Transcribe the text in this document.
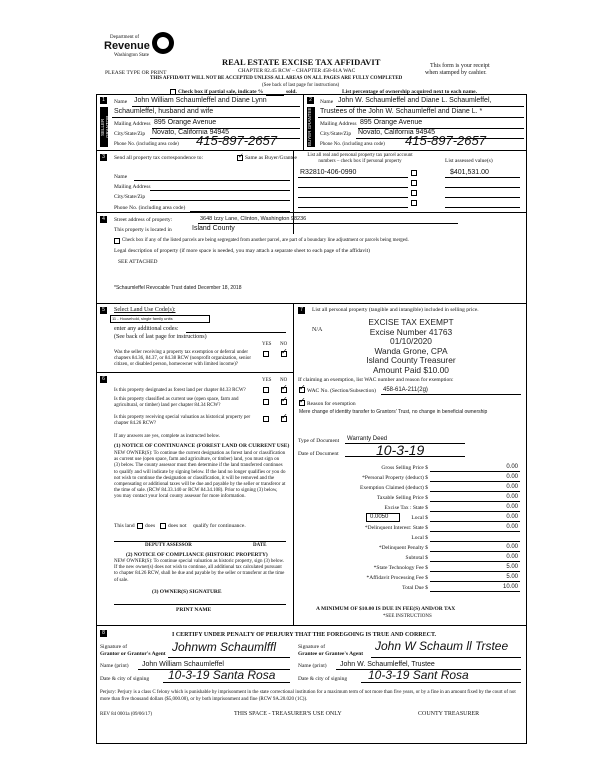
Department of
Revenue
Washington State
PLEASE TYPE OR PRINT
REAL ESTATE EXCISE TAX AFFIDAVIT
CHAPTER 82.45 RCW – CHAPTER 458-61A WAC
THIS AFFIDAVIT WILL NOT BE ACCEPTED UNLESS ALL AREAS ON ALL PAGES ARE FULLY COMPLETED
(See back of last page for instructions)
This form is your receipt
when stamped by cashier.
Check box if partial sale, indicate %	sold.	List percentage of ownership acquired next to each name.
1
SELLER GRANTOR
Name John William Schaumleffel and Diane Lynn
Schaumleffel, husband and wife
Mailing Address 895 Orange Avenue
City/State/Zip Novato, California 94945
Phone No. (including area code) 415-897-2657
2
BUYER GRANTEE
Name John W. Schaumleffel and Diane L. Schaumleffel,
Trustees of the John W. Schaumleffel and Diane L. *
Mailing Address 895 Orange Avenue
City/State/Zip Novato, California 94945
Phone No. (including area code) 415-897-2657
3	Send all property tax correspondence to:	✓ Same as Buyer/Grantee
Name
Mailing Address
City/State/Zip
Phone No. (including area code)
List all real and personal property tax parcel account numbers – check box if personal property	List assessed value(s)
R32810-406-0990	$401,531.00
4	Street address of property:	3648 Izzy Lane, Clinton, Washington 98236
This property is located in	Island County
Check box if any of the listed parcels are being segregated from another parcel, are part of a boundary line adjustment or parcels being merged.
Legal description of property (if more space is needed, you may attach a separate sheet to each page of the affidavit)
SEE ATTACHED
*Schaumleffel Revocable Trust dated December 18, 2018
5	Select Land Use Code(s):
11 - Household, single family units
enter any additional codes:
(See back of last page for instructions)
YES NO
Was the seller receiving a property tax exemption or deferral under chapters 84.36, 84.37, or 84.38 RCW (nonprofit organization, senior citizen, or disabled person, homeowner with limited income)?
✓
6	YES NO
Is this property designated as forest land per chapter 84.33 RCW?	✓
Is this property classified as current use (open space, farm and agricultural, or timber) land per chapter 84.34 RCW?
✓
Is this property receiving special valuation as historical property per chapter 84.26 RCW?
✓
If any answers are yes, complete as instructed below.
(1) NOTICE OF CONTINUANCE (FOREST LAND OR CURRENT USE)
NEW OWNER(S): To continue the current designation as forest land or classification as current use (open space, farm and agriculture, or timber) land, you must sign on (3) below. The county assessor must then determine if the land transferred continues to qualify and will indicate by signing below. If the land no longer qualifies or you do not wish to continue the designation or classification, it will be removed and the compensating or additional taxes will be due and payable by the seller or transferor at the time of sale. (RCW 84.33.140 or RCW 84.34.108). Prior to signing (3) below, you may contact your local county assessor for more information.
This land does does not qualify for continuance.
DEPUTY ASSESSOR	DATE
(2) NOTICE OF COMPLIANCE (HISTORIC PROPERTY)
NEW OWNER(S): To continue special valuation as historic property, sign (3) below. If the new owner(s) does not wish to continue, all additional tax calculated pursuant to chapter 84.26 RCW, shall be due and payable by the seller or transferor at the time of sale.
(3) OWNER(S) SIGNATURE
PRINT NAME
7	List all personal property (tangible and intangible) included in selling price.
N/A
EXCISE TAX EXEMPT
Excise Number 41763
01/10/2020
Wanda Grone, CPA
Island County Treasurer
Amount Paid $10.00
If claiming an exemption, list WAC number and reason for exemption:
✓ WAC No. (Section/Subsection) 458-61A-211(2g)
✓ Reason for exemption
Mere change of identity transfer to Grantors' Trust, no change in beneficial ownership
Type of Document Warranty Deed
Date of Document	10-3-19
Gross Selling Price $	0.00
*Personal Property (deduct) $	0.00
Exemption Claimed (deduct) $	0.00
Taxable Selling Price $	0.00
Excise Tax : State $	0.00
Local $	0.00
*Delinquent Interest: State $	0.00
Local $
*Delinquent Penalty $	0.00
Subtotal $	0.00
*State Technology Fee $	5.00
*Affidavit Processing Fee $	5.00
Total Due $	10.00
0.0050
A MINIMUM OF $10.00 IS DUE IN FEE(S) AND/OR TAX
*SEE INSTRUCTIONS
8	I CERTIFY UNDER PENALTY OF PERJURY THAT THE FOREGOING IS TRUE AND CORRECT.
Signature of
Grantor or Grantor's Agent Johnwm Schaumlffl	Signature of
Grantee or Grantee's Agent
John W Schaum ll Trstee
Name (print) John William Schaumleffel	Name (print) John W. Schaumleffel, Trustee
Date & city of signing 10-3-19 Santa Rosa	Date & city of signing 10-3-19 Sant Rosa
Perjury: Perjury is a class C felony which is punishable by imprisonment in the state correctional institution for a maximum term of not more than five years, or by a fine in an amount fixed by the court of not more than five thousand dollars ($5,000.00), or by both imprisonment and fine (RCW 9A.20.020 (1C)).
REV 84 0001a (09/06/17)	THIS SPACE - TREASURER'S USE ONLY	COUNTY TREASURER
